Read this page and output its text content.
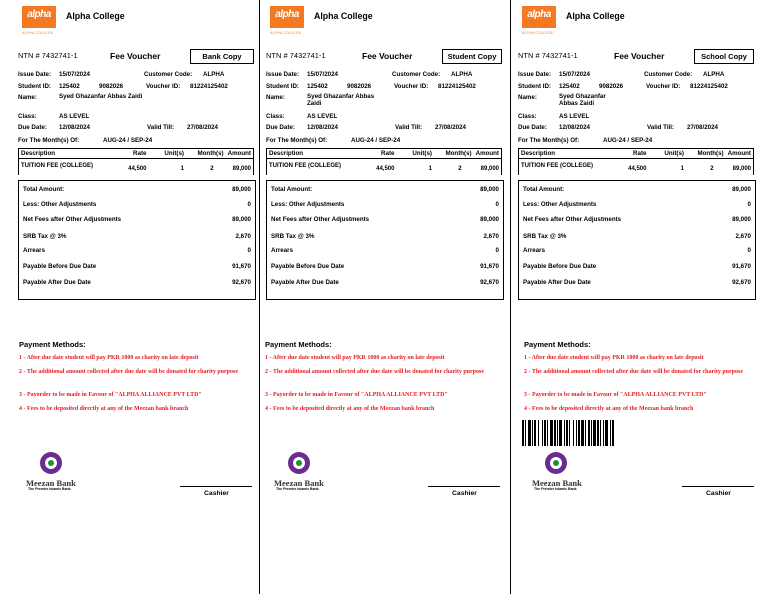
alpha
ALPHA COLLEGE
Alpha College
NTN # 7432741-1	Fee Voucher	Bank Copy
Issue Date: 15/07/2024	Customer Code: ALPHA
Student ID: 125402	9082026	Voucher ID: 81224125402
Name:	Syed Ghazanfar Abbas Zaidi
Class:	AS LEVEL
Due Date: 12/08/2024	Valid Till: 27/08/2024
For The Month(s) Of:	AUG-24 / SEP-24
Description	Rate	Unit(s)	Month(s)	Amount
TUITION FEE (COLLEGE)	44,500	1	2	89,000
Total Amount:	89,000
Less: Other Adjustments	0
Net Fees after Other Adjustments	89,000
SRB Tax @ 3%	2,670
Arrears	0
Payable Before Due Date	91,670
Payable After Due Date	92,670
Payment Methods:
1 - After due date student will pay PKR 1000 as charity on late deposit
2 - The additional amount collected after due date will be donated for charity purpose
3 - Payorder to be made in Favour of "ALPHA ALLIANCE PVT LTD"
4 - Fees to be deposited directly at any of the Meezan bank branch
Meezan Bank
The Premier Islamic Bank
Cashier
alpha
ALPHA COLLEGE
Alpha College
NTN # 7432741-1	Fee Voucher	Student Copy
Issue Date: 15/07/2024	Customer Code: ALPHA
Student ID: 125402	9082026	Voucher ID: 81224125402
Name:	Syed Ghazanfar Abbas Zaidi
Class:	AS LEVEL
Due Date: 12/08/2024	Valid Till: 27/08/2024
For The Month(s) Of:	AUG-24 / SEP-24
Description	Rate	Unit(s)	Month(s)	Amount
TUITION FEE (COLLEGE)	44,500	1	2	89,000
Total Amount:	89,000
Less: Other Adjustments	0
Net Fees after Other Adjustments	89,000
SRB Tax @ 3%	2,670
Arrears	0
Payable Before Due Date	91,670
Payable After Due Date	92,670
Payment Methods:
1 - After due date student will pay PKR 1000 as charity on late deposit
2 - The additional amount collected after due date will be donated for charity purpose
3 - Payorder to be made in Favour of "ALPHA ALLIANCE PVT LTD"
4 - Fees to be deposited directly at any of the Meezan bank branch
Meezan Bank
The Premier Islamic Bank
Cashier
alpha
ALPHA COLLEGE
Alpha College
NTN # 7432741-1	Fee Voucher	School Copy
Issue Date: 15/07/2024	Customer Code: ALPHA
Student ID: 125402	9082026	Voucher ID: 81224125402
Name:	Syed Ghazanfar Abbas Zaidi
Class:	AS LEVEL
Due Date: 12/08/2024	Valid Till: 27/08/2024
For The Month(s) Of:	AUG-24 / SEP-24
Description	Rate	Unit(s)	Month(s)	Amount
TUITION FEE (COLLEGE)	44,500	1	2	89,000
Total Amount:	89,000
Less: Other Adjustments	0
Net Fees after Other Adjustments	89,000
SRB Tax @ 3%	2,670
Arrears	0
Payable Before Due Date	91,670
Payable After Due Date	92,670
Payment Methods:
1 - After due date student will pay PKR 1000 as charity on late deposit
2 - The additional amount collected after due date will be donated for charity purpose
3 - Payorder to be made in Favour of "ALPHA ALLIANCE PVT LTD"
4 - Fees to be deposited directly at any of the Meezan bank branch
Meezan Bank
The Premier Islamic Bank
Cashier
